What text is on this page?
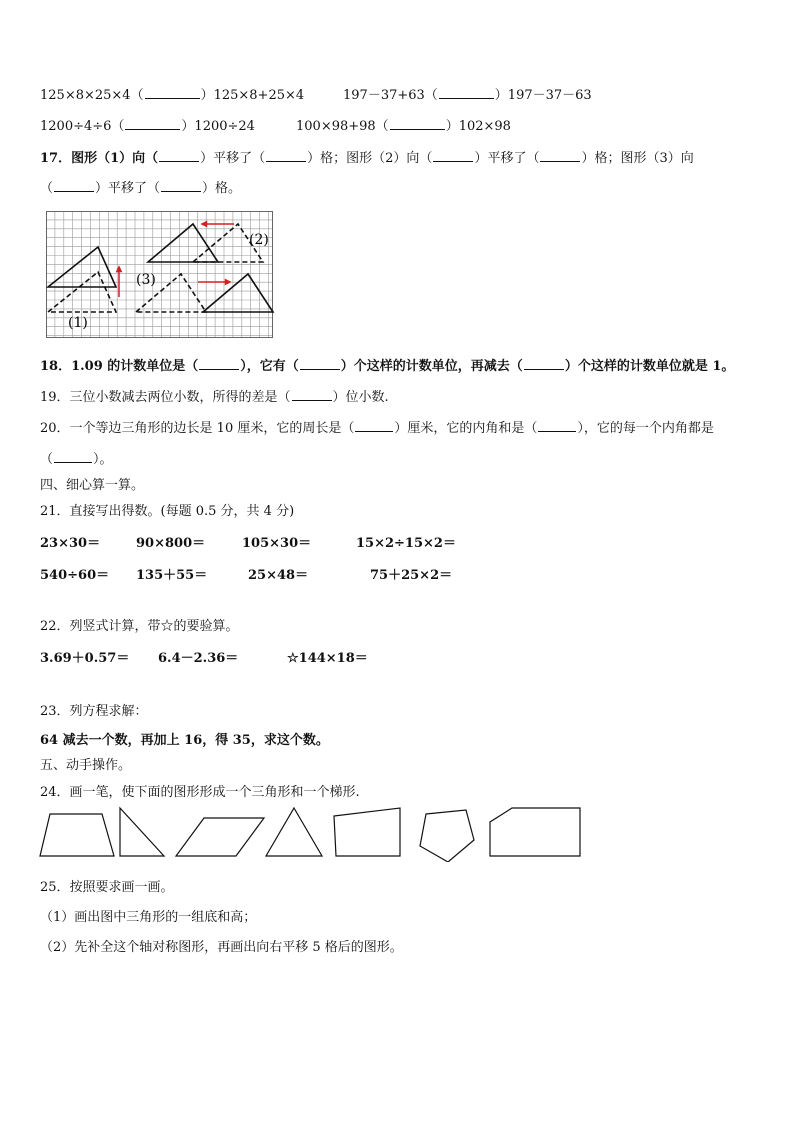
125×8×25×4（	）125×8+25×4	197－37+63（	）197－37－63
1200÷4÷6（	）1200÷24	100×98+98（	）102×98
17．图形（1）向（	）平移了（	）格；图形（2）向（	）平移了（	）格；图形（3）向
（	）平移了（	）格。
(1)
(2)
(3)
18．1.09 的计数单位是（	），它有（	）个这样的计数单位，再减去（	）个这样的计数单位就是 1。
19．三位小数减去两位小数，所得的差是（	）位小数.
20．一个等边三角形的边长是 10 厘米，它的周长是（	）厘米，它的内角和是（	），它的每一个内角都是
（	）。
四、细心算一算。
21．直接写出得数。(每题 0.5 分，共 4 分)
23×30＝	90×800＝	105×30＝	15×2÷15×2＝
540÷60＝ 135＋55＝	25×48＝	75＋25×2＝
22．列竖式计算，带☆的要验算。
3.69＋0.57＝ 6.4－2.36＝	☆144×18＝
23．列方程求解：
64 减去一个数，再加上 16，得 35，求这个数。
五、动手操作。
24．画一笔，使下面的图形形成一个三角形和一个梯形.
25．按照要求画一画。
（1）画出图中三角形的一组底和高；
（2）先补全这个轴对称图形，再画出向右平移 5 格后的图形。
